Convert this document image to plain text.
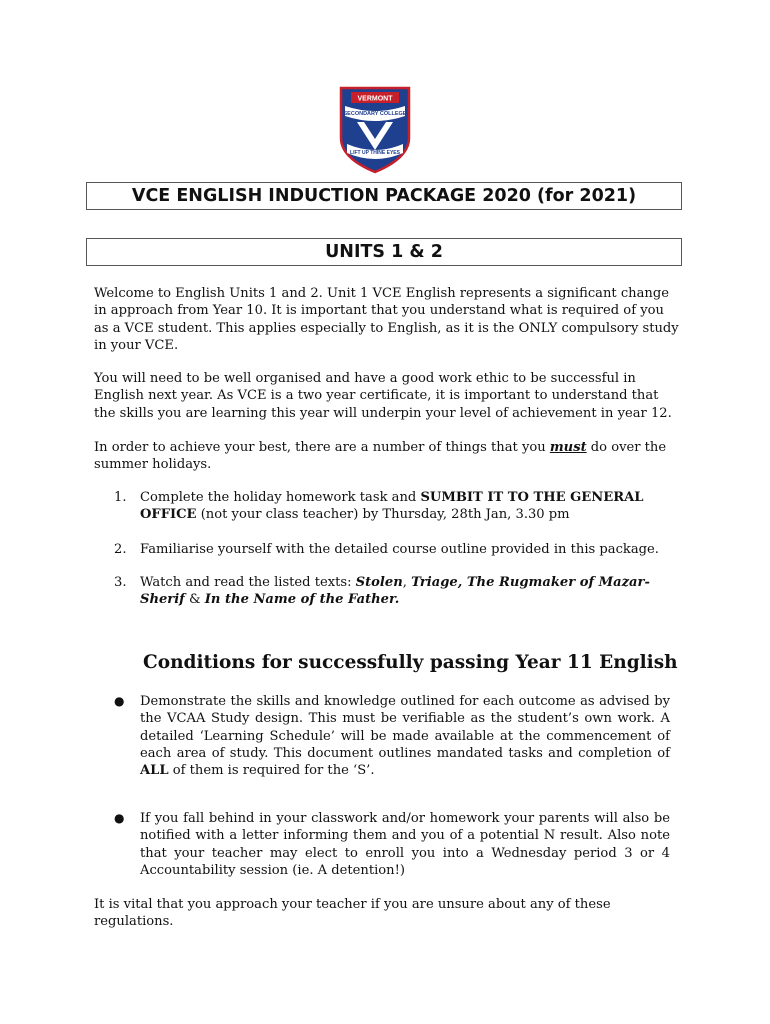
VERMONT
SECONDARY COLLEGE
LIFT UP THINE EYES
VCE ENGLISH INDUCTION PACKAGE 2020 (for 2021)
UNITS 1 & 2

Welcome to English Units 1 and 2. Unit 1 VCE English represents a significant change in approach from Year 10. It is important that you understand what is required of you as a VCE student. This applies especially to English, as it is the ONLY compulsory study in your VCE.

You will need to be well organised and have a good work ethic to be successful in English next year. As VCE is a two year certificate, it is important to understand that the skills you are learning this year will underpin your level of achievement in year 12.

In order to achieve your best, there are a number of things that you must do over the summer holidays.

1. Complete the holiday homework task and SUMBIT IT TO THE GENERAL OFFICE (not your class teacher) by Thursday, 28th Jan, 3.30 pm
2. Familiarise yourself with the detailed course outline provided in this package.
3. Watch and read the listed texts: Stolen, Triage, The Rugmaker of Mazar-Sherif & In the Name of the Father.
Conditions for successfully passing Year 11 English
● Demonstrate the skills and knowledge outlined for each outcome as advised by the VCAA Study design. This must be verifiable as the student’s own work. A detailed ‘Learning Schedule’ will be made available at the commencement of each area of study. This document outlines mandated tasks and completion of ALL of them is required for the ‘S’.
● If you fall behind in your classwork and/or homework your parents will also be notified with a letter informing them and you of a potential N result. Also note that your teacher may elect to enroll you into a Wednesday period 3 or 4 Accountability session (ie. A detention!)

It is vital that you approach your teacher if you are unsure about any of these regulations.
